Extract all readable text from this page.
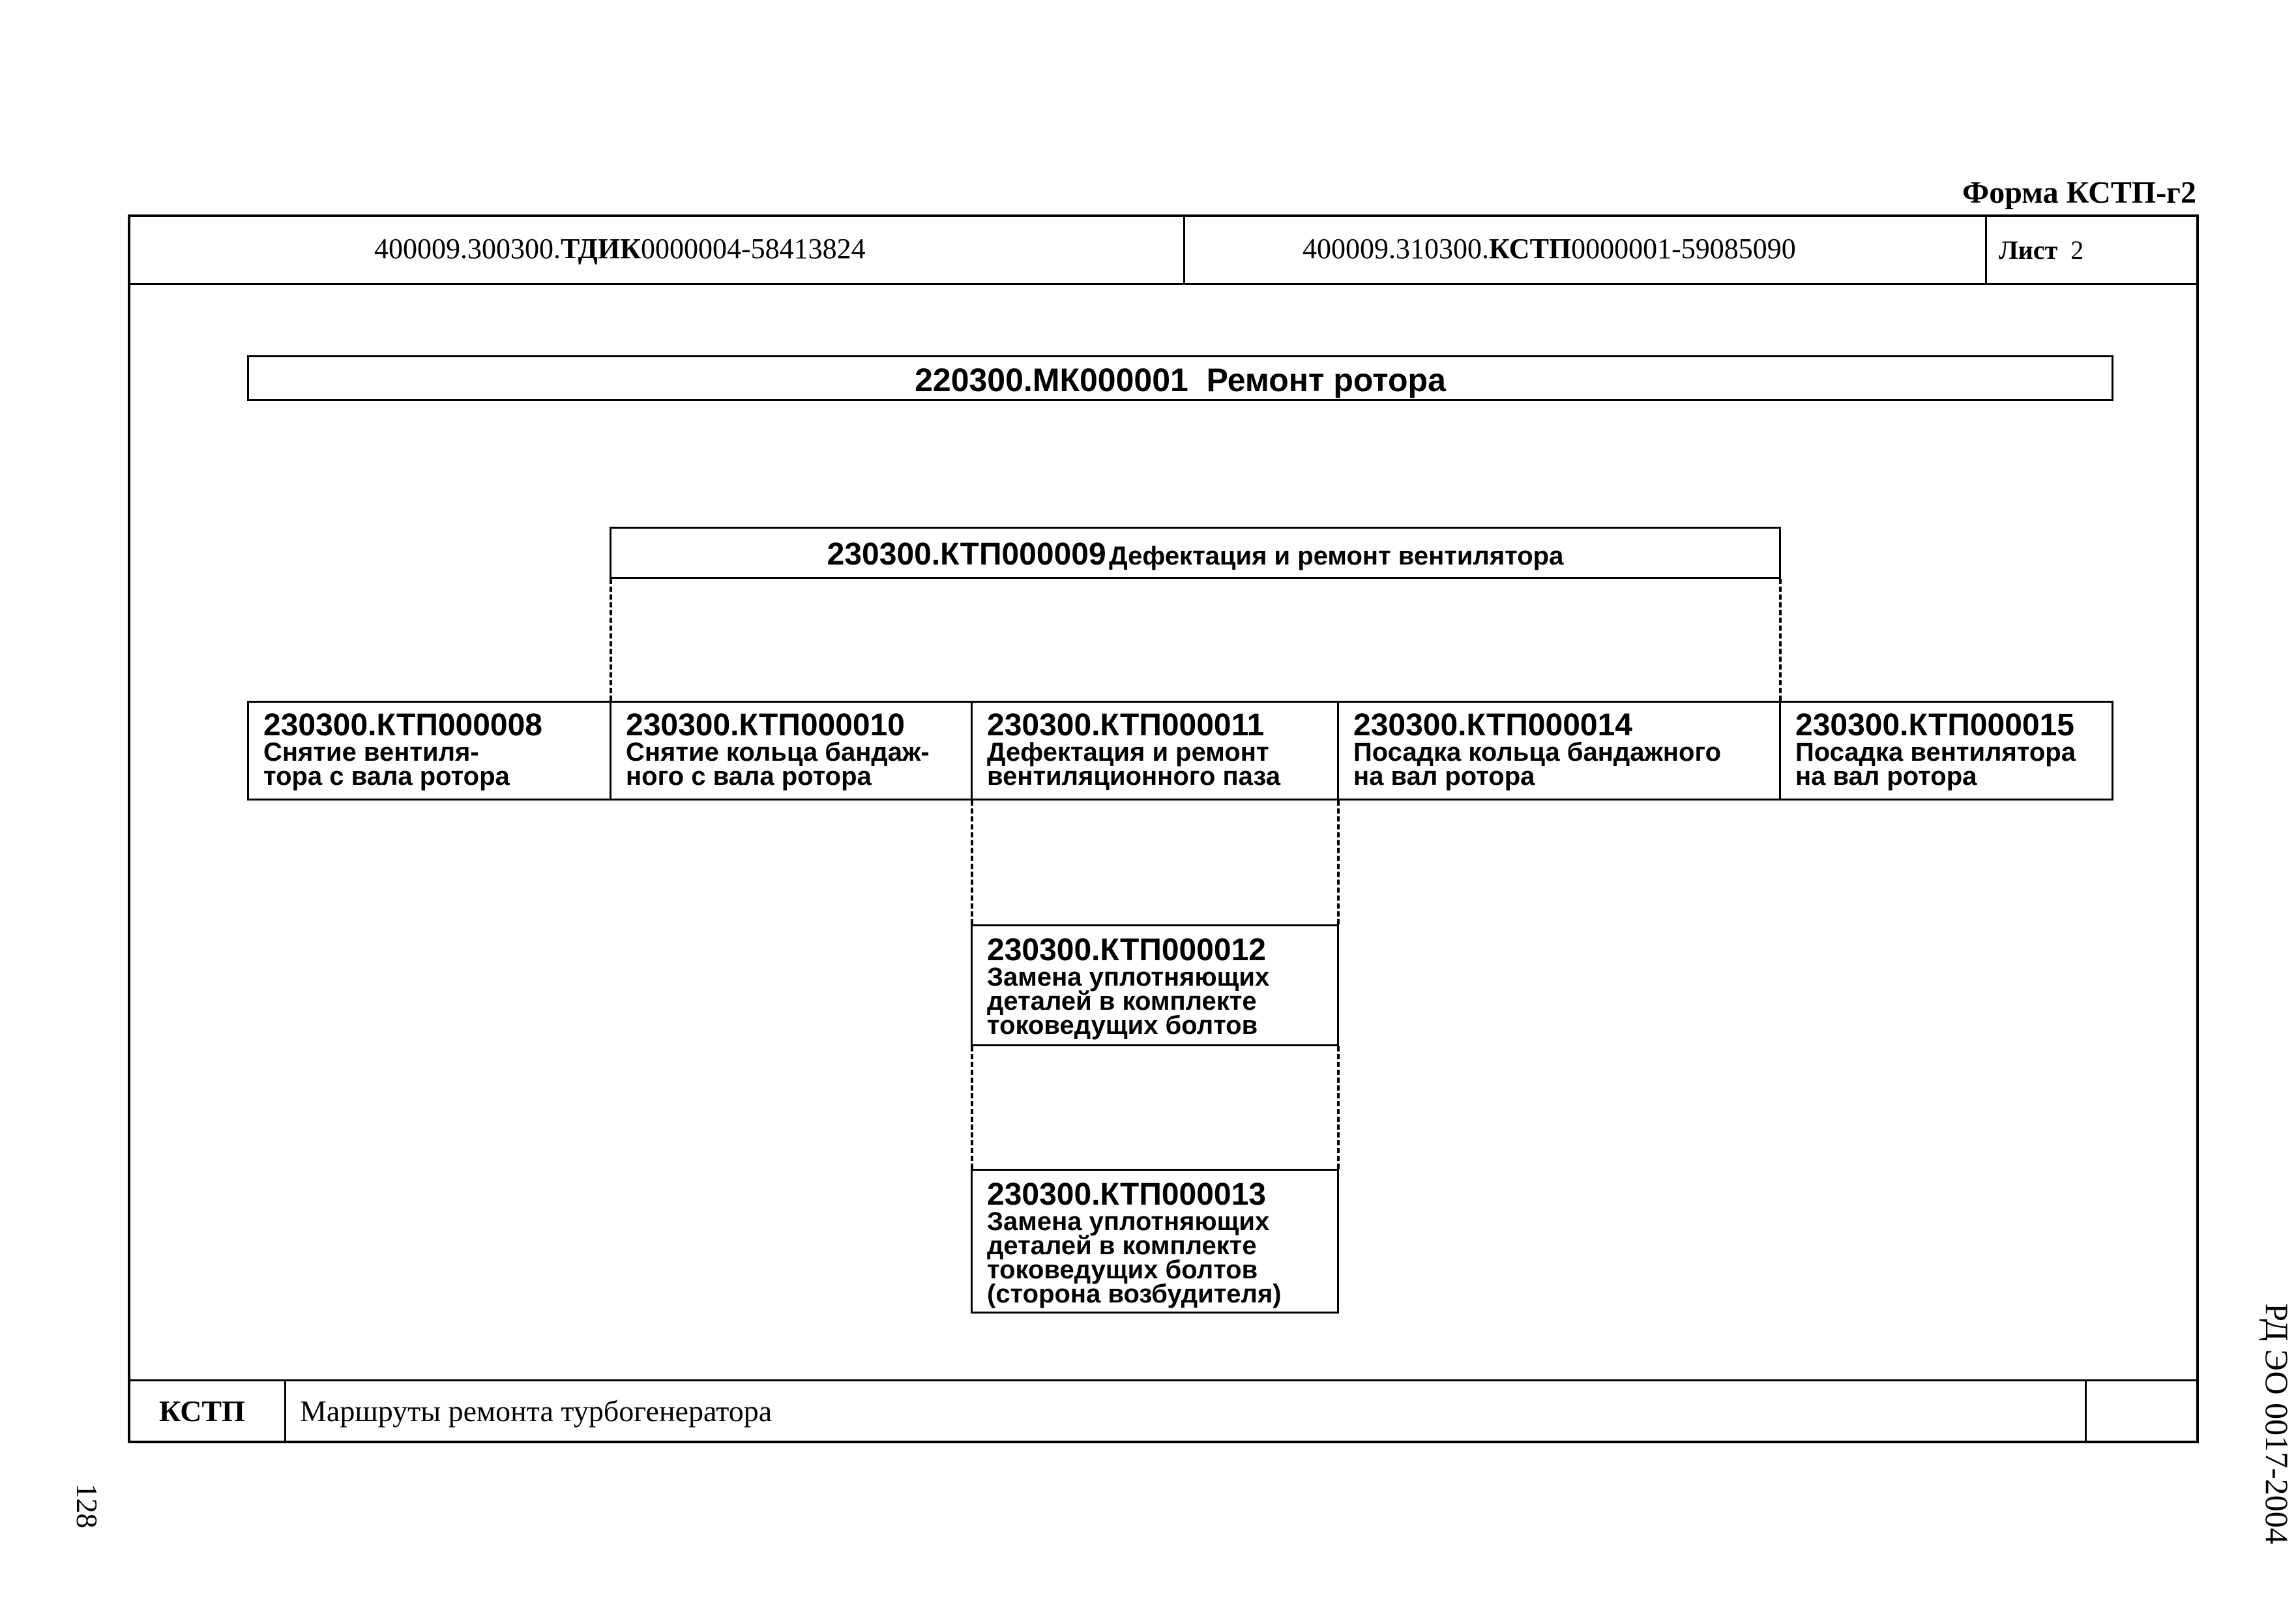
Форма КСТП-г2
400009.300300.ТДИК0000004-58413824	400009.310300.КСТП0000001-59085090	Лист 2
220300.МК000001 Ремонт ротора
230300.КТП000009 Дефектация и ремонт вентилятора
230300.КТП000008
Снятие вентиля-
тора с вала ротора
230300.КТП000010
Снятие кольца бандаж-
ного с вала ротора
230300.КТП000011
Дефектация и ремонт
вентиляционного паза
230300.КТП000014
Посадка кольца бандажного
на вал ротора
230300.КТП000015
Посадка вентилятора
на вал ротора
230300.КТП000012
Замена уплотняющих
деталей в комплекте
токоведущих болтов
230300.КТП000013
Замена уплотняющих
деталей в комплекте
токоведущих болтов
(сторона возбудителя)
КСТП Маршруты ремонта турбогенератора	РД ЭО 0017-2004
128
